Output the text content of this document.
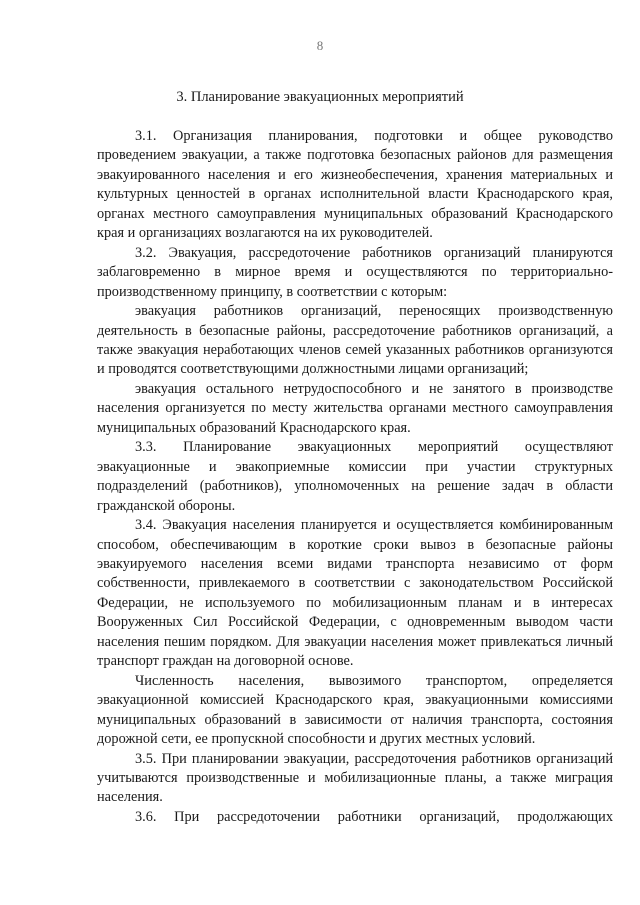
8
3. Планирование эвакуационных мероприятий

3.1. Организация планирования, подготовки и общее руководство проведением эвакуации, а также подготовка безопасных районов для размещения эвакуированного населения и его жизнеобеспечения, хранения материальных и культурных ценностей в органах исполнительной власти Краснодарского края, органах местного самоуправления муниципальных образований Краснодарского края и организациях возлагаются на их руководителей.

3.2. Эвакуация, рассредоточение работников организаций планируются заблаговременно в мирное время и осуществляются по территориально-производственному принципу, в соответствии с которым:

эвакуация работников организаций, переносящих производственную деятельность в безопасные районы, рассредоточение работников организаций, а также эвакуация неработающих членов семей указанных работников организуются и проводятся соответствующими должностными лицами организаций;

эвакуация остального нетрудоспособного и не занятого в производстве населения организуется по месту жительства органами местного самоуправления муниципальных образований Краснодарского края.

3.3. Планирование эвакуационных мероприятий осуществляют эвакуационные и эвакоприемные комиссии при участии структурных подразделений (работников), уполномоченных на решение задач в области гражданской обороны.

3.4. Эвакуация населения планируется и осуществляется комбинированным способом, обеспечивающим в короткие сроки вывоз в безопасные районы эвакуируемого населения всеми видами транспорта независимо от форм собственности, привлекаемого в соответствии с законодательством Российской Федерации, не используемого по мобилизационным планам и в интересах Вооруженных Сил Российской Федерации, с одновременным выводом части населения пешим порядком. Для эвакуации населения может привлекаться личный транспорт граждан на договорной основе.

Численность населения, вывозимого транспортом, определяется эвакуационной комиссией Краснодарского края, эвакуационными комиссиями муниципальных образований в зависимости от наличия транспорта, состояния дорожной сети, ее пропускной способности и других местных условий.

3.5. При планировании эвакуации, рассредоточения работников организаций учитываются производственные и мобилизационные планы, а также миграция населения.

3.6. При рассредоточении работники организаций, продолжающих
